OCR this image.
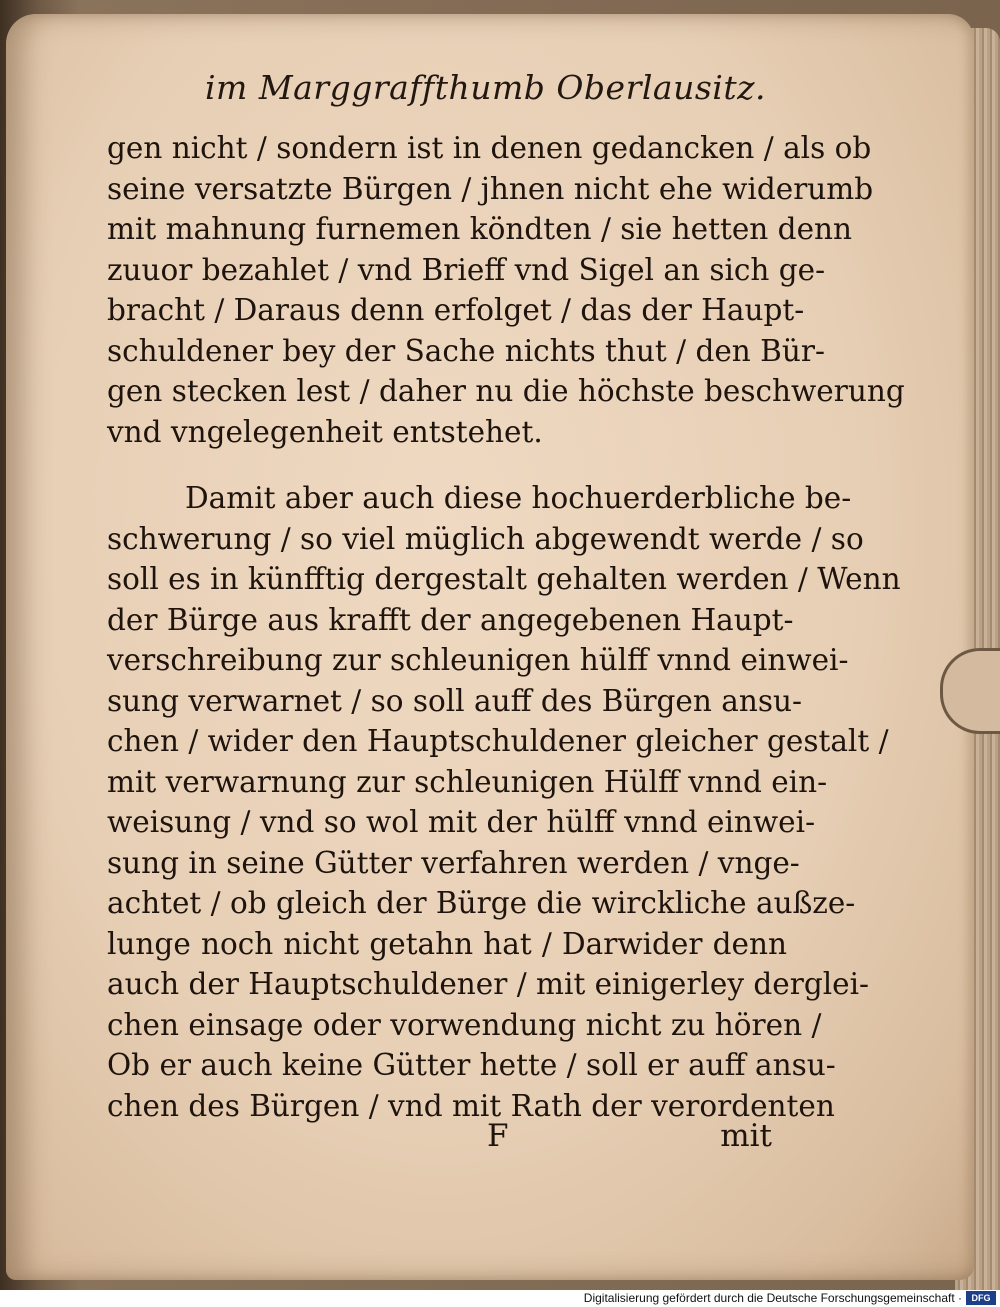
im Marggraffthumb Oberlausitz.
gen nicht / sondern ist in denen gedancken / als ob
seine versatzte Bürgen / jhnen nicht ehe widerumb
mit mahnung furnemen köndten / sie hetten denn
zuuor bezahlet / vnd Brieff vnd Sigel an sich ge-
bracht / Daraus denn erfolget / das der Haupt-
schuldener bey der Sache nichts thut / den Bür-
gen stecken lest / daher nu die höchste beschwerung
vnd vngelegenheit entstehet.
Damit aber auch diese hochuerderbliche be-
schwerung / so viel müglich abgewendt werde / so
soll es in künfftig dergestalt gehalten werden / Wenn
der Bürge aus krafft der angegebenen Haupt-
verschreibung zur schleunigen hülff vnnd einwei-
sung verwarnet / so soll auff des Bürgen ansu-
chen / wider den Hauptschuldener gleicher gestalt /
mit verwarnung zur schleunigen Hülff vnnd ein-
weisung / vnd so wol mit der hülff vnnd einwei-
sung in seine Gütter verfahren werden / vnge-
achtet / ob gleich der Bürge die wirckliche außze-
lunge noch nicht getahn hat / Darwider denn
auch der Hauptschuldener / mit einigerley derglei-
chen einsage oder vorwendung nicht zu hören /
Ob er auch keine Gütter hette / soll er auff ansu-
chen des Bürgen / vnd mit Rath der verordenten
F	mit
Digitalisierung gefördert durch die Deutsche Forschungsgemeinschaft ·	DFG
